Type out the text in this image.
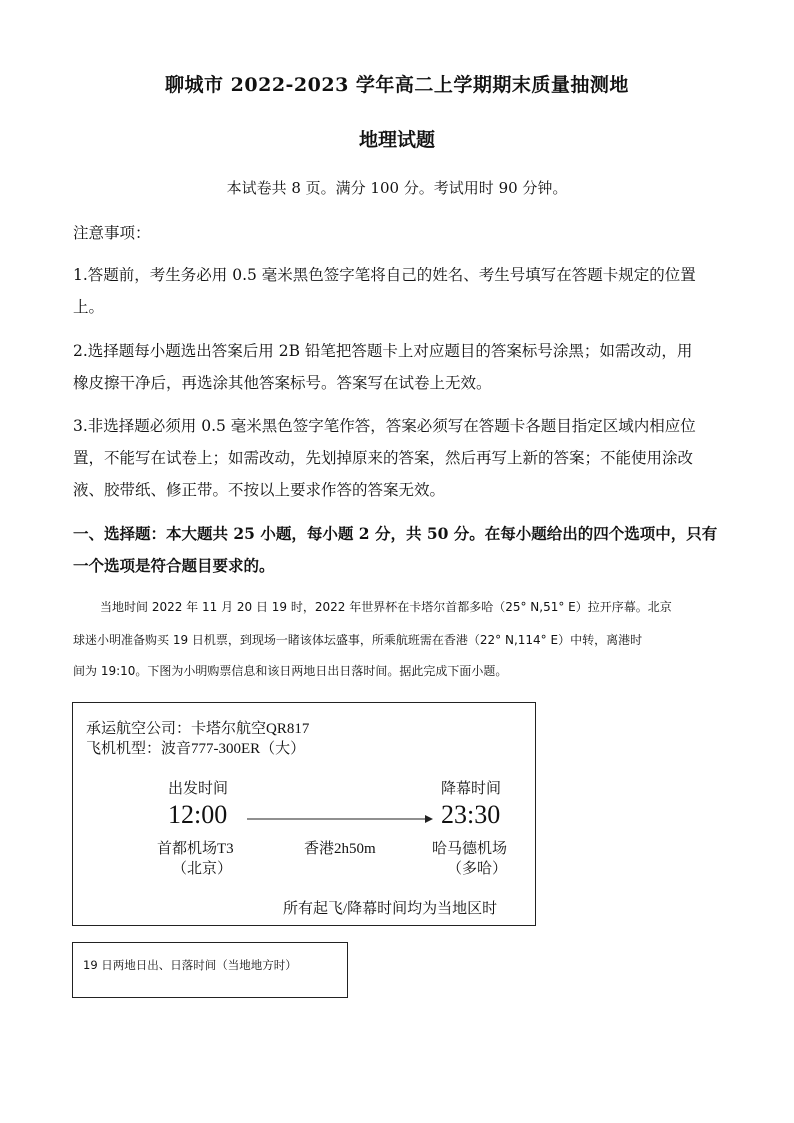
聊城市 2022-2023 学年高二上学期期末质量抽测地
地理试题
本试卷共 8 页。满分 100 分。考试用时 90 分钟。
注意事项：
1.答题前，考生务必用 0.5 毫米黑色签字笔将自己的姓名、考生号填写在答题卡规定的位置
上。
2.选择题每小题选出答案后用 2B 铅笔把答题卡上对应题目的答案标号涂黑；如需改动，用
橡皮擦干净后，再选涂其他答案标号。答案写在试卷上无效。
3.非选择题必须用 0.5 毫米黑色签字笔作答，答案必须写在答题卡各题目指定区域内相应位
置，不能写在试卷上；如需改动，先划掉原来的答案，然后再写上新的答案；不能使用涂改
液、胶带纸、修正带。不按以上要求作答的答案无效。
一、选择题：本大题共 25 小题，每小题 2 分，共 50 分。在每小题给出的四个选项中，只有
一个选项是符合题目要求的。
当地时间 2022 年 11 月 20 日 19 时，2022 年世界杯在卡塔尔首都多哈（25° N,51° E）拉开序幕。北京
球迷小明准备购买 19 日机票，到现场一睹该体坛盛事，所乘航班需在香港（22° N,114° E）中转，离港时
间为 19:10。下图为小明购票信息和该日两地日出日落时间。据此完成下面小题。
承运航空公司：卡塔尔航空QR817
飞机机型：波音777-300ER（大）
出发时间
12:00
降幕时间
23:30
首都机场T3
（北京）
香港2h50m	哈马德机场
（多哈）
所有起飞/降幕时间均为当地区时
19 日两地日出、日落时间（当地地方时）
